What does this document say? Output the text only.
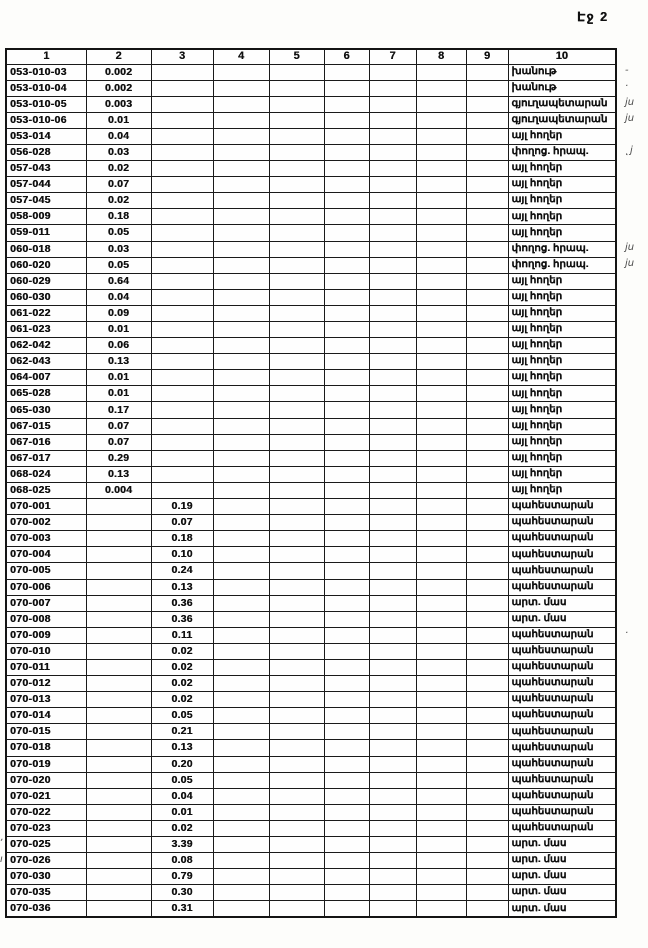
Էջ 2
1	2	3	4	5	6	7	8	9	10
053-010-03	0.002								խանութ
053-010-04	0.002								խանութ
053-010-05	0.003								գյուղապետարան
053-010-06	0.01								գյուղապետարան
053-014	0.04								այլ հողեր
056-028	0.03								փողոց. հրապ.
057-043	0.02								այլ հողեր
057-044	0.07								այլ հողեր
057-045	0.02								այլ հողեր
058-009	0.18								այլ հողեր
059-011	0.05								այլ հողեր
060-018	0.03								փողոց. հրապ.
060-020	0.05								փողոց. հրապ.
060-029	0.64								այլ հողեր
060-030	0.04								այլ հողեր
061-022	0.09								այլ հողեր
061-023	0.01								այլ հողեր
062-042	0.06								այլ հողեր
062-043	0.13								այլ հողեր
064-007	0.01								այլ հողեր
065-028	0.01								այլ հողեր
065-030	0.17								այլ հողեր
067-015	0.07								այլ հողեր
067-016	0.07								այլ հողեր
067-017	0.29								այլ հողեր
068-024	0.13								այլ հողեր
068-025	0.004								այլ հողեր
070-001		0.19							պահեստարան
070-002		0.07							պահեստարան
070-003		0.18							պահեստարան
070-004		0.10							պահեստարան
070-005		0.24							պահեստարան
070-006		0.13							պահեստարան
070-007		0.36							արտ. մաս
070-008		0.36							արտ. մաս
070-009		0.11							պահեստարան
070-010		0.02							պահեստարան
070-011		0.02							պահեստարան
070-012		0.02							պահեստարան
070-013		0.02							պահեստարան
070-014		0.05							պահեստարան
070-015		0.21							պահեստարան
070-018		0.13							պահեստարան
070-019		0.20							պահեստարան
070-020		0.05							պահեստարան
070-021		0.04							պահեստարան
070-022		0.01							պահեստարան
070-023		0.02							պահեստարան
070-025		3.39							արտ. մաս
070-026		0.08							արտ. մաս
070-030		0.79							արտ. մաս
070-035		0.30							արտ. մաս
070-036		0.31							արտ. մաս
-
·
ju
ju
˛j
ju
ju
·
ʼ
ı
